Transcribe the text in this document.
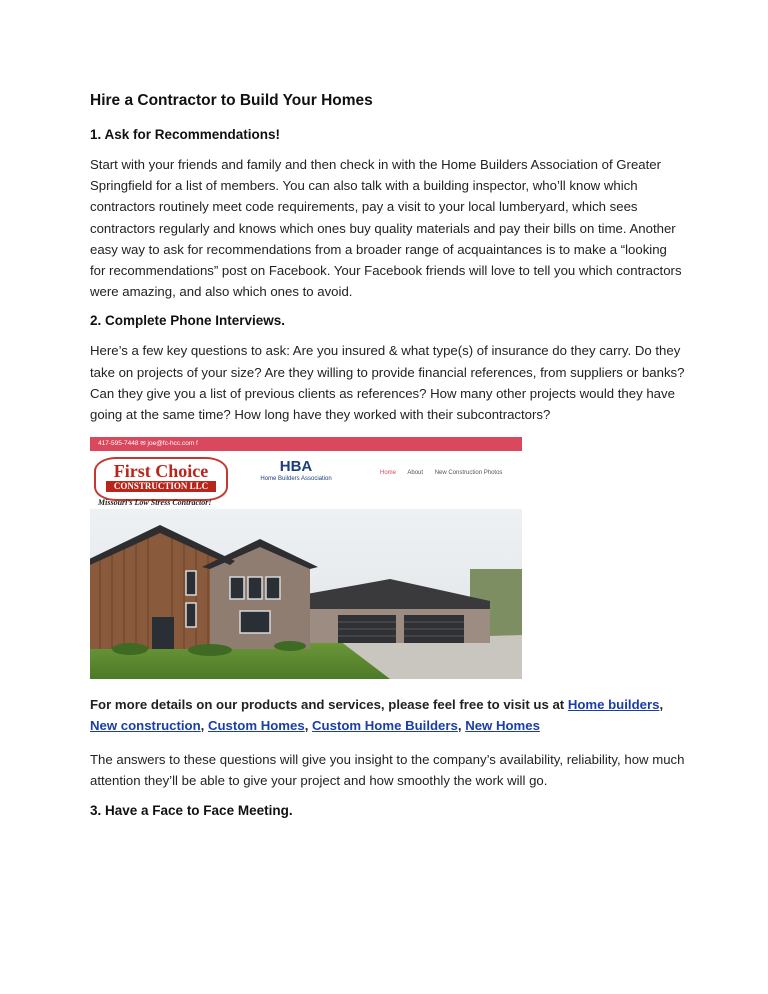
Hire a Contractor to Build Your Homes
1. Ask for Recommendations!

Start with your friends and family and then check in with the Home Builders Association of Greater Springfield for a list of members. You can also talk with a building inspector, who’ll know which contractors routinely meet code requirements, pay a visit to your local lumberyard, which sees contractors regularly and knows which ones buy quality materials and pay their bills on time. Another easy way to ask for recommendations from a broader range of acquaintances is to make a “looking for recommendations” post on Facebook. Your Facebook friends will love to tell you which contractors were amazing, and also which ones to avoid.

2. Complete Phone Interviews.

Here’s a few key questions to ask: Are you insured & what type(s) of insurance do they carry. Do they take on projects of your size? Are they willing to provide financial references, from suppliers or banks? Can they give you a list of previous clients as references? How many other projects would they have going at the same time? How long have they worked with their subcontractors?

417-595-7448 ✉ joe@fc-hcc.com f
First Choice
CONSTRUCTION LLC
Missouri’s Low Stress Contractor!
HBA
Home Builders Association
Home About New Construction Photos

For more details on our products and services, please feel free to visit us at Home builders, New construction, Custom Homes, Custom Home Builders, New Homes

The answers to these questions will give you insight to the company’s availability, reliability, how much attention they’ll be able to give your project and how smoothly the work will go.

3. Have a Face to Face Meeting.
